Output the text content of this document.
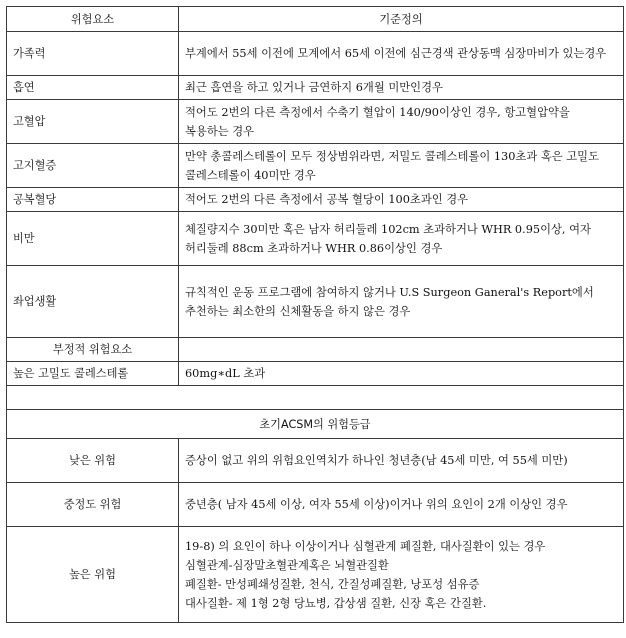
위험요소	기준정의
가족력	부계에서 55세 이전에 모계에서 65세 이전에 심근경색 관상동맥 심장마비가 있는경우
흡연	최근 흡연을 하고 있거나 금연하지 6개월 미만인경우
고혈압	적어도 2번의 다른 측정에서 수축기 혈압이 140/90이상인 경우, 항고혈압약을 복용하는 경우
고지혈증	만약 총콜레스테롤이 모두 정상범위라면, 저밀도 콜레스테롤이 130초과 혹은 고밀도 콜레스테롤이 40미만 경우
공복혈당	적어도 2번의 다른 측정에서 공복 혈당이 100초과인 경우
비만	체질량지수 30미만 혹은 남자 허리둘레 102cm 초과하거나 WHR 0.95이상, 여자 허리둘레 88cm 초과하거나 WHR 0.86이상인 경우
좌업생활	규칙적인 운동 프로그램에 참여하지 않거나 U.S Surgeon Ganeral's Report에서 추천하는 최소한의 신체활동을 하지 않은 경우
부정적 위험요소	
높은 고밀도 콜레스테롤	60mg∗dL 초과

초기ACSM의 위험등급	
낮은 위험	증상이 없고 위의 위험요인역치가 하나인 청년층(남 45세 미만, 여 55세 미만)
중정도 위험	중년층( 남자 45세 이상, 여자 55세 이상)이거나 위의 요인이 2개 이상인 경우
높은 위험	19-8) 의 요인이 하나 이상이거나 심혈관계 폐질환, 대사질환이 있는 경우
심혈관계-심장말초혈관계혹은 뇌혈관질환
폐질환- 만성폐쇄성질환, 천식, 간질성폐질환, 낭포성 섬유증
대사질환- 제 1형 2형 당뇨병, 갑상샘 질환, 신장 혹은 간질환.
